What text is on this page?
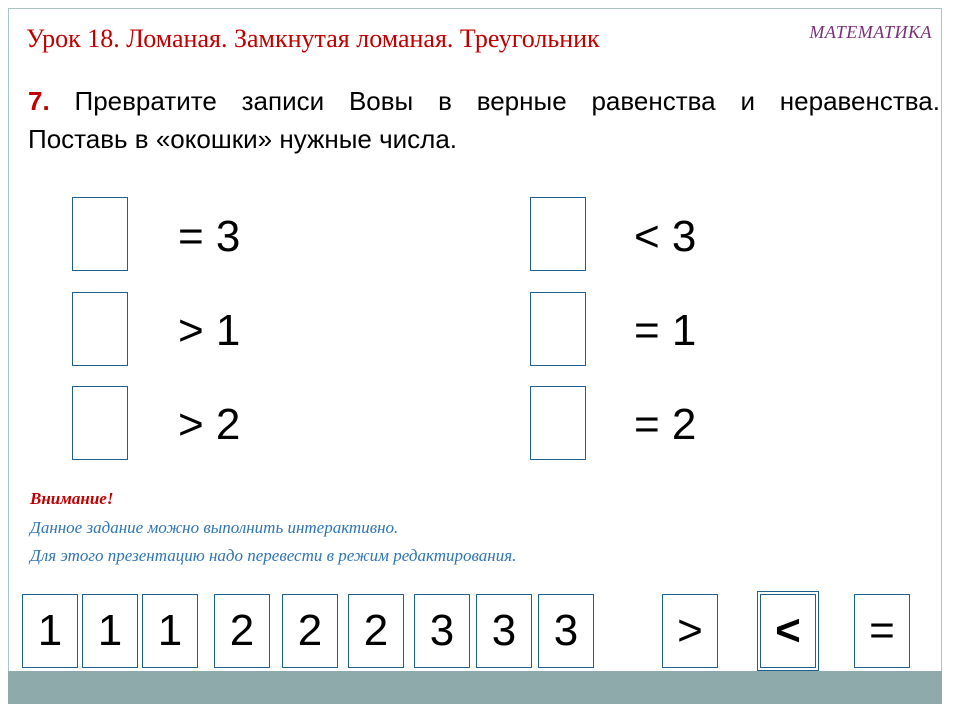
Урок 18. Ломаная. Замкнутая ломаная. Треугольник	МАТЕМАТИКА
7. Превратите записи Вовы в верные равенства и неравенства.
Поставь в «окошки» нужные числа.
= 3
> 1
> 2
< 3
= 1
= 2
Внимание!
Данное задание можно выполнить интерактивно.
Для этого презентацию надо перевести в режим редактирования.
1 1 1	2 2 2 3 3 3	>	<	=
